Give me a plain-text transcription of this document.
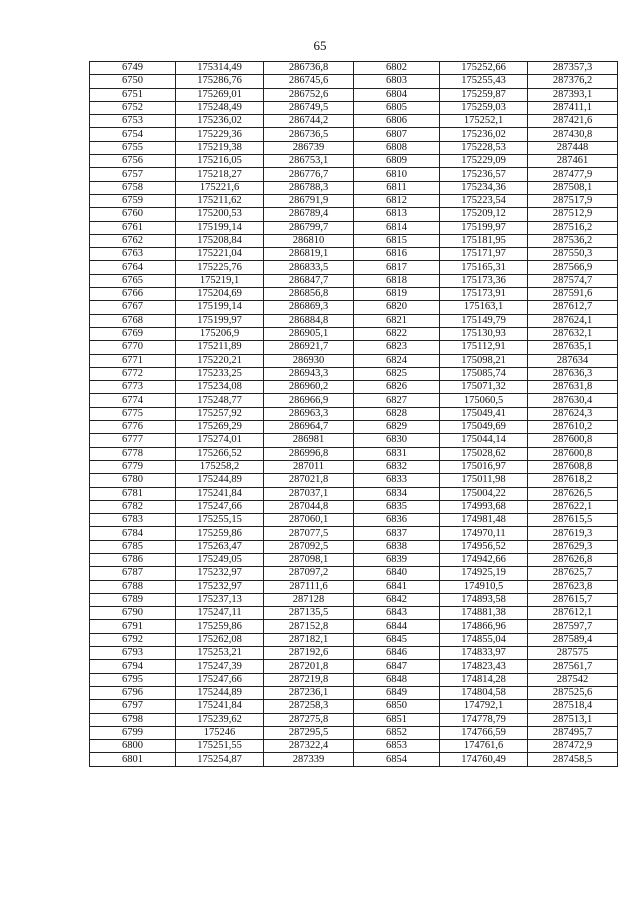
65
6749	175314,49	286736,8	6802	175252,66	287357,3
6750	175286,76	286745,6	6803	175255,43	287376,2
6751	175269,01	286752,6	6804	175259,87	287393,1
6752	175248,49	286749,5	6805	175259,03	287411,1
6753	175236,02	286744,2	6806	175252,1	287421,6
6754	175229,36	286736,5	6807	175236,02	287430,8
6755	175219,38	286739	6808	175228,53	287448
6756	175216,05	286753,1	6809	175229,09	287461
6757	175218,27	286776,7	6810	175236,57	287477,9
6758	175221,6	286788,3	6811	175234,36	287508,1
6759	175211,62	286791,9	6812	175223,54	287517,9
6760	175200,53	286789,4	6813	175209,12	287512,9
6761	175199,14	286799,7	6814	175199,97	287516,2
6762	175208,84	286810	6815	175181,95	287536,2
6763	175221,04	286819,1	6816	175171,97	287550,3
6764	175225,76	286833,5	6817	175165,31	287566,9
6765	175219,1	286847,7	6818	175173,36	287574,7
6766	175204,69	286856,8	6819	175173,91	287591,6
6767	175199,14	286869,3	6820	175163,1	287612,7
6768	175199,97	286884,8	6821	175149,79	287624,1
6769	175206,9	286905,1	6822	175130,93	287632,1
6770	175211,89	286921,7	6823	175112,91	287635,1
6771	175220,21	286930	6824	175098,21	287634
6772	175233,25	286943,3	6825	175085,74	287636,3
6773	175234,08	286960,2	6826	175071,32	287631,8
6774	175248,77	286966,9	6827	175060,5	287630,4
6775	175257,92	286963,3	6828	175049,41	287624,3
6776	175269,29	286964,7	6829	175049,69	287610,2
6777	175274,01	286981	6830	175044,14	287600,8
6778	175266,52	286996,8	6831	175028,62	287600,8
6779	175258,2	287011	6832	175016,97	287608,8
6780	175244,89	287021,8	6833	175011,98	287618,2
6781	175241,84	287037,1	6834	175004,22	287626,5
6782	175247,66	287044,8	6835	174993,68	287622,1
6783	175255,15	287060,1	6836	174981,48	287615,5
6784	175259,86	287077,5	6837	174970,11	287619,3
6785	175263,47	287092,5	6838	174956,52	287629,3
6786	175249,05	287098,1	6839	174942,66	287626,8
6787	175232,97	287097,2	6840	174925,19	287625,7
6788	175232,97	287111,6	6841	174910,5	287623,8
6789	175237,13	287128	6842	174893,58	287615,7
6790	175247,11	287135,5	6843	174881,38	287612,1
6791	175259,86	287152,8	6844	174866,96	287597,7
6792	175262,08	287182,1	6845	174855,04	287589,4
6793	175253,21	287192,6	6846	174833,97	287575
6794	175247,39	287201,8	6847	174823,43	287561,7
6795	175247,66	287219,8	6848	174814,28	287542
6796	175244,89	287236,1	6849	174804,58	287525,6
6797	175241,84	287258,3	6850	174792,1	287518,4
6798	175239,62	287275,8	6851	174778,79	287513,1
6799	175246	287295,5	6852	174766,59	287495,7
6800	175251,55	287322,4	6853	174761,6	287472,9
6801	175254,87	287339	6854	174760,49	287458,5
